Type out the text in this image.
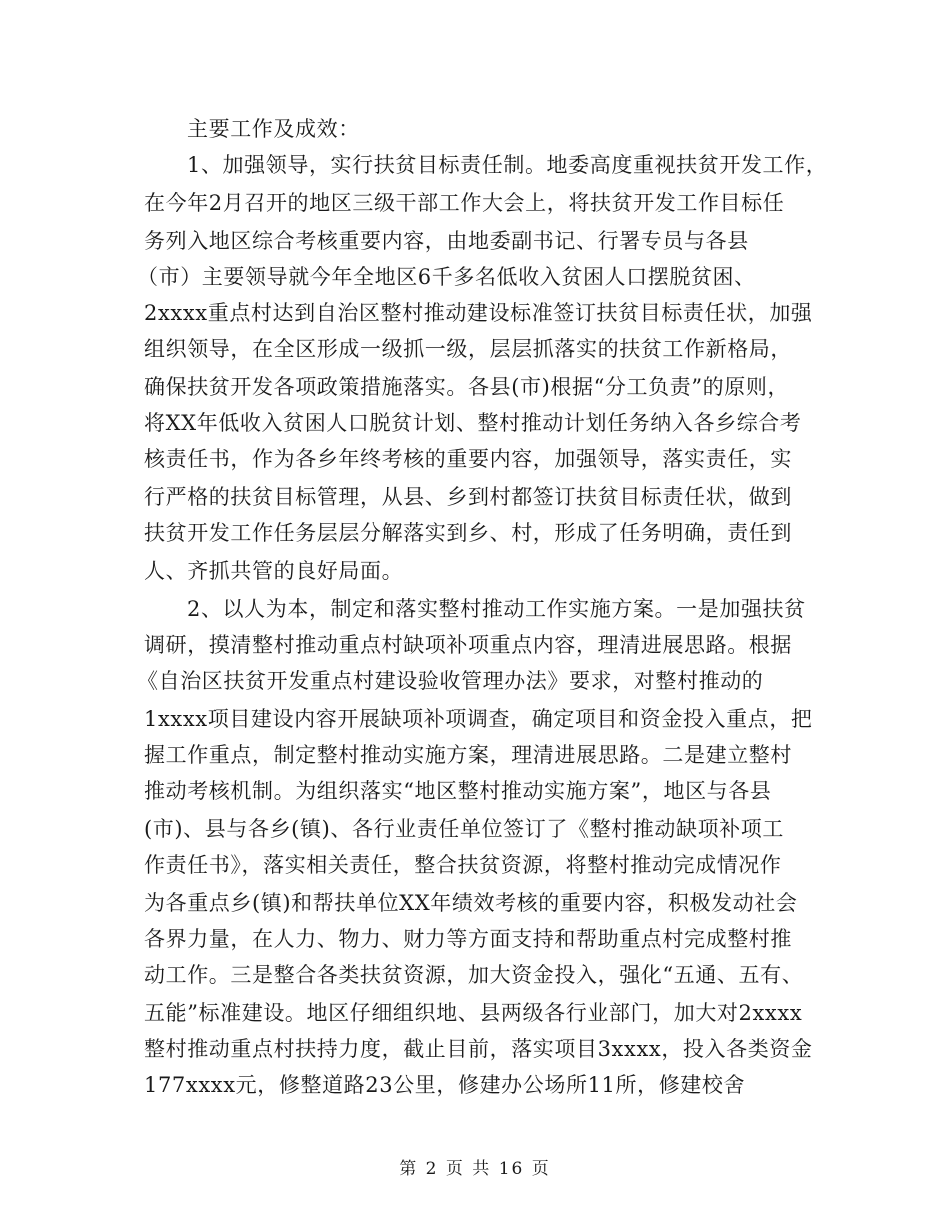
主要工作及成效：
1、加强领导，实行扶贫目标责任制。地委高度重视扶贫开发工作，
在今年2月召开的地区三级干部工作大会上，将扶贫开发工作目标任
务列入地区综合考核重要内容，由地委副书记、行署专员与各县
（市）主要领导就今年全地区6千多名低收入贫困人口摆脱贫困、
2xxxx重点村达到自治区整村推动建设标准签订扶贫目标责任状，加强
组织领导，在全区形成一级抓一级，层层抓落实的扶贫工作新格局，
确保扶贫开发各项政策措施落实。各县(市)根据“分工负责”的原则，
将XX年低收入贫困人口脱贫计划、整村推动计划任务纳入各乡综合考
核责任书，作为各乡年终考核的重要内容，加强领导，落实责任，实
行严格的扶贫目标管理，从县、乡到村都签订扶贫目标责任状，做到
扶贫开发工作任务层层分解落实到乡、村，形成了任务明确，责任到
人、齐抓共管的良好局面。
2、以人为本，制定和落实整村推动工作实施方案。一是加强扶贫
调研，摸清整村推动重点村缺项补项重点内容，理清进展思路。根据
《自治区扶贫开发重点村建设验收管理办法》要求，对整村推动的
1xxxx项目建设内容开展缺项补项调查，确定项目和资金投入重点，把
握工作重点，制定整村推动实施方案，理清进展思路。二是建立整村
推动考核机制。为组织落实“地区整村推动实施方案”，地区与各县
(市)、县与各乡(镇)、各行业责任单位签订了《整村推动缺项补项工
作责任书》，落实相关责任，整合扶贫资源，将整村推动完成情况作
为各重点乡(镇)和帮扶单位XX年绩效考核的重要内容，积极发动社会
各界力量，在人力、物力、财力等方面支持和帮助重点村完成整村推
动工作。三是整合各类扶贫资源，加大资金投入，强化“五通、五有、
五能”标准建设。地区仔细组织地、县两级各行业部门，加大对2xxxx
整村推动重点村扶持力度，截止目前，落实项目3xxxx，投入各类资金
177xxxx元，修整道路23公里，修建办公场所11所，修建校舍
第 2 页 共 16 页
